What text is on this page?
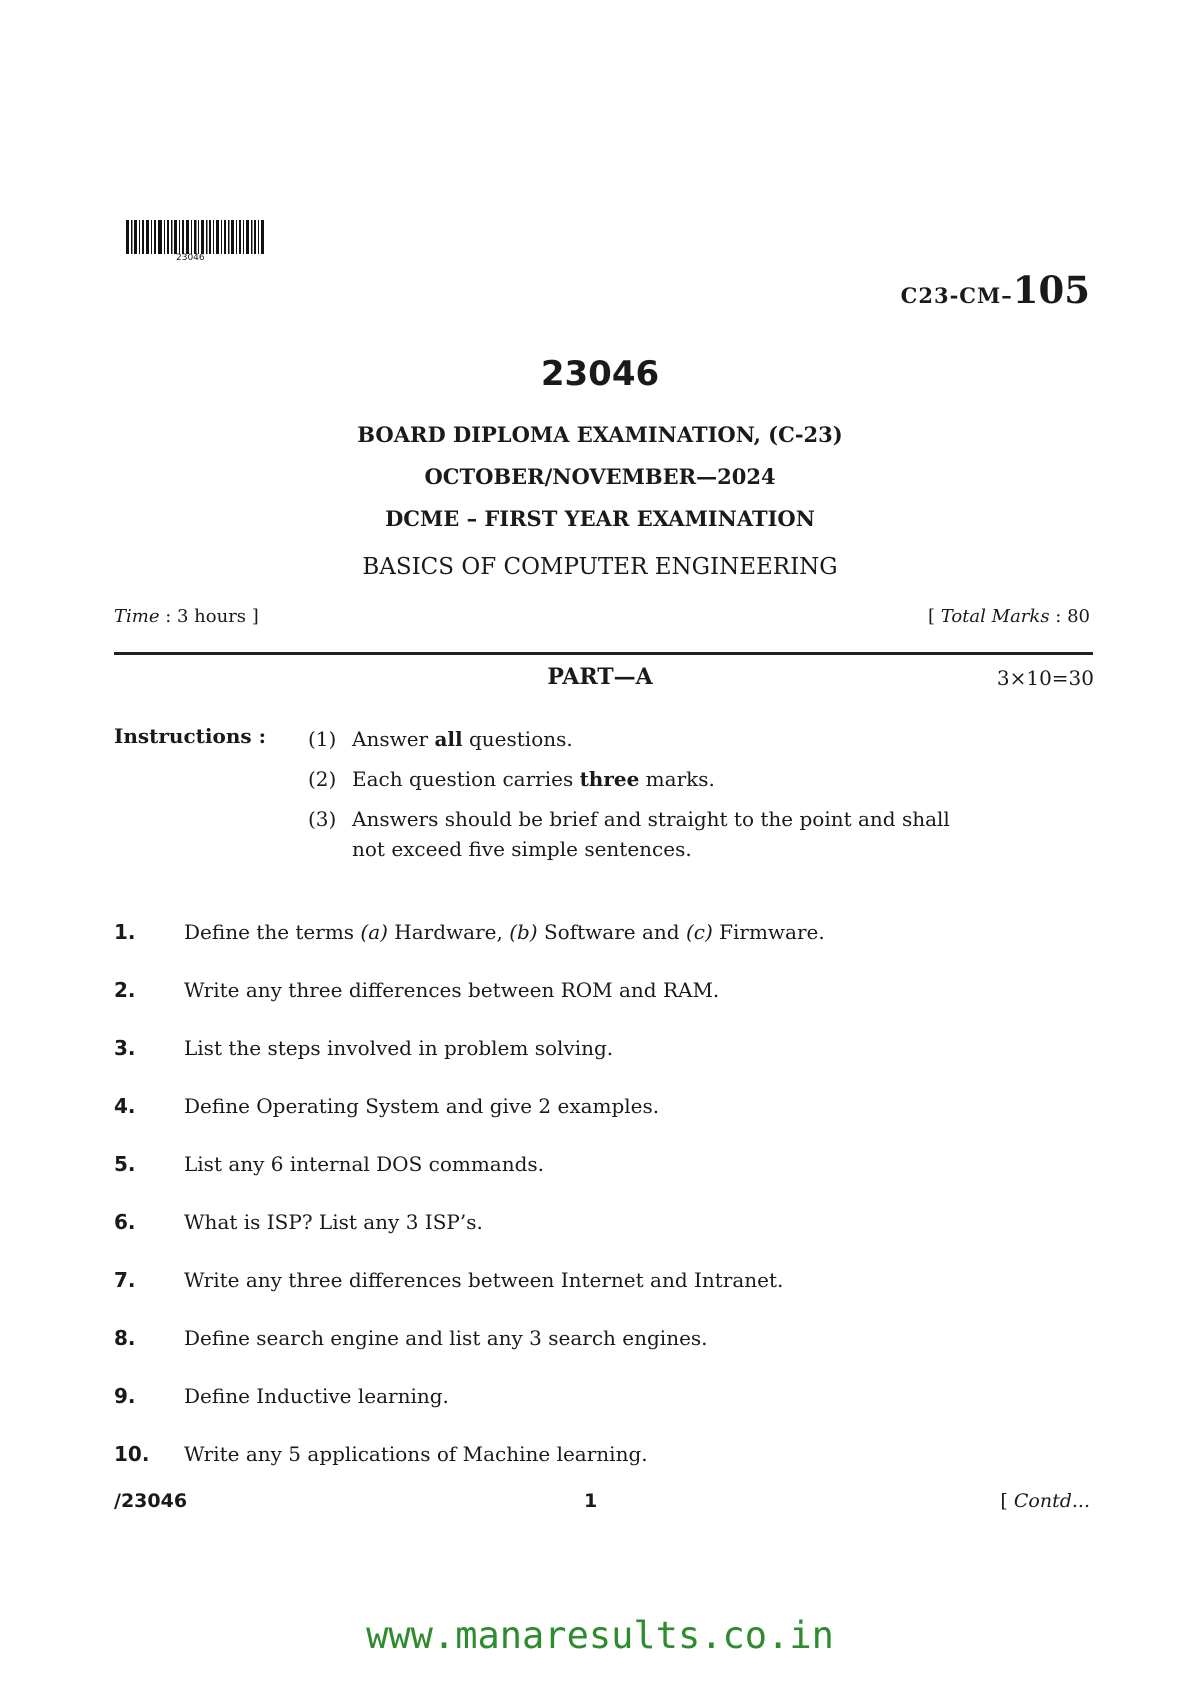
23046
C23-CM–105
23046
BOARD DIPLOMA EXAMINATION, (C-23)
OCTOBER/NOVEMBER—2024
DCME – FIRST YEAR EXAMINATION
BASICS OF COMPUTER ENGINEERING
Time : 3 hours ]	[ Total Marks : 80
PART—A	3×10=30
Instructions : (1) Answer all questions.
(2) Each question carries three marks.
(3) Answers should be brief and straight to the point and shall
not exceed five simple sentences.
1. Define the terms (a) Hardware, (b) Software and (c) Firmware.
2. Write any three differences between ROM and RAM.
3. List the steps involved in problem solving.
4. Define Operating System and give 2 examples.
5. List any 6 internal DOS commands.
6. What is ISP? List any 3 ISP’s.
7. Write any three differences between Internet and Intranet.
8. Define search engine and list any 3 search engines.
9. Define Inductive learning.
10. Write any 5 applications of Machine learning.
/23046	1	[ Contd...
www.manaresults.co.in
